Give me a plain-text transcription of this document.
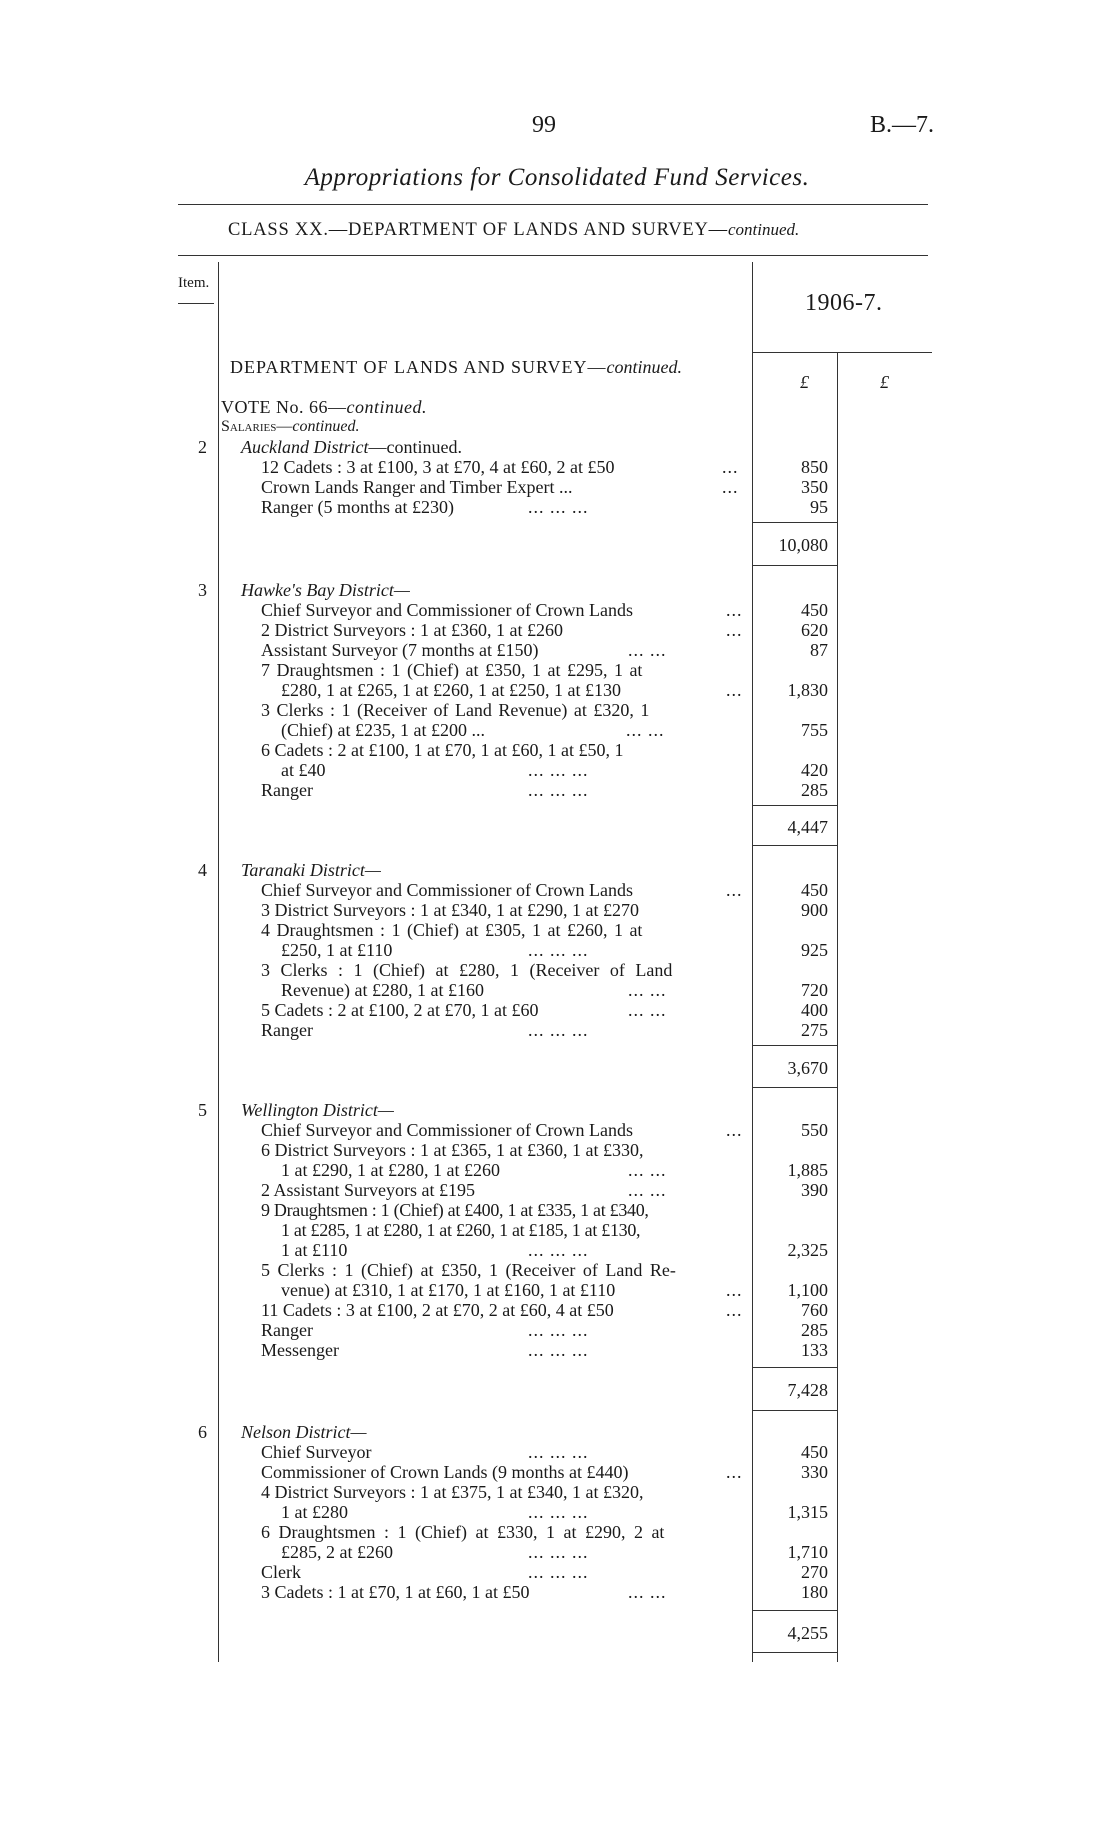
99	B.—7.
Appropriations for Consolidated Fund Services.
CLASS XX.—DEPARTMENT OF LANDS AND SURVEY—continued.
Item.
1906-7.
£	£
DEPARTMENT OF LANDS AND SURVEY—continued.
VOTE No. 66—continued.
Salaries—continued.
2 Auckland District—continued.
12 Cadets : 3 at £100, 3 at £70, 4 at £60, 2 at £50	...	850
Crown Lands Ranger and Timber Expert ...	...	350
Ranger (5 months at £230)	... ... ...	95
10,080
3 Hawke's Bay District—
Chief Surveyor and Commissioner of Crown Lands	...	450
2 District Surveyors : 1 at £360, 1 at £260	...	620
Assistant Surveyor (7 months at £150)	... ...	87
7 Draughtsmen : 1 (Chief) at £350, 1 at £295, 1 at
£280, 1 at £265, 1 at £260, 1 at £250, 1 at £130	...	1,830
3 Clerks : 1 (Receiver of Land Revenue) at £320, 1
(Chief) at £235, 1 at £200 ...	... ...	755
6 Cadets : 2 at £100, 1 at £70, 1 at £60, 1 at £50, 1
at £40	... ... ...	420
Ranger	... ... ...	285
4,447
4 Taranaki District—
Chief Surveyor and Commissioner of Crown Lands	...	450
3 District Surveyors : 1 at £340, 1 at £290, 1 at £270	900
4 Draughtsmen : 1 (Chief) at £305, 1 at £260, 1 at
£250, 1 at £110	... ... ...	925
3 Clerks : 1 (Chief) at £280, 1 (Receiver of Land
Revenue) at £280, 1 at £160	... ...	720
5 Cadets : 2 at £100, 2 at £70, 1 at £60	... ...	400
Ranger	... ... ...	275
3,670
5 Wellington District—
Chief Surveyor and Commissioner of Crown Lands	...	550
6 District Surveyors : 1 at £365, 1 at £360, 1 at £330,
1 at £290, 1 at £280, 1 at £260	... ...	1,885
2 Assistant Surveyors at £195	... ...	390
9 Draughtsmen : 1 (Chief) at £400, 1 at £335, 1 at £340,
1 at £285, 1 at £280, 1 at £260, 1 at £185, 1 at £130,
1 at £110	... ... ...	2,325
5 Clerks : 1 (Chief) at £350, 1 (Receiver of Land Re-
venue) at £310, 1 at £170, 1 at £160, 1 at £110	...	1,100
11 Cadets : 3 at £100, 2 at £70, 2 at £60, 4 at £50	...	760
Ranger	... ... ...	285
Messenger	... ... ...	133
7,428
6 Nelson District—
Chief Surveyor	... ... ...	450
Commissioner of Crown Lands (9 months at £440)	...	330
4 District Surveyors : 1 at £375, 1 at £340, 1 at £320,
1 at £280	... ... ...	1,315
6 Draughtsmen : 1 (Chief) at £330, 1 at £290, 2 at
£285, 2 at £260	... ... ...	1,710
Clerk	... ... ...	270
3 Cadets : 1 at £70, 1 at £60, 1 at £50	... ...	180
4,255
